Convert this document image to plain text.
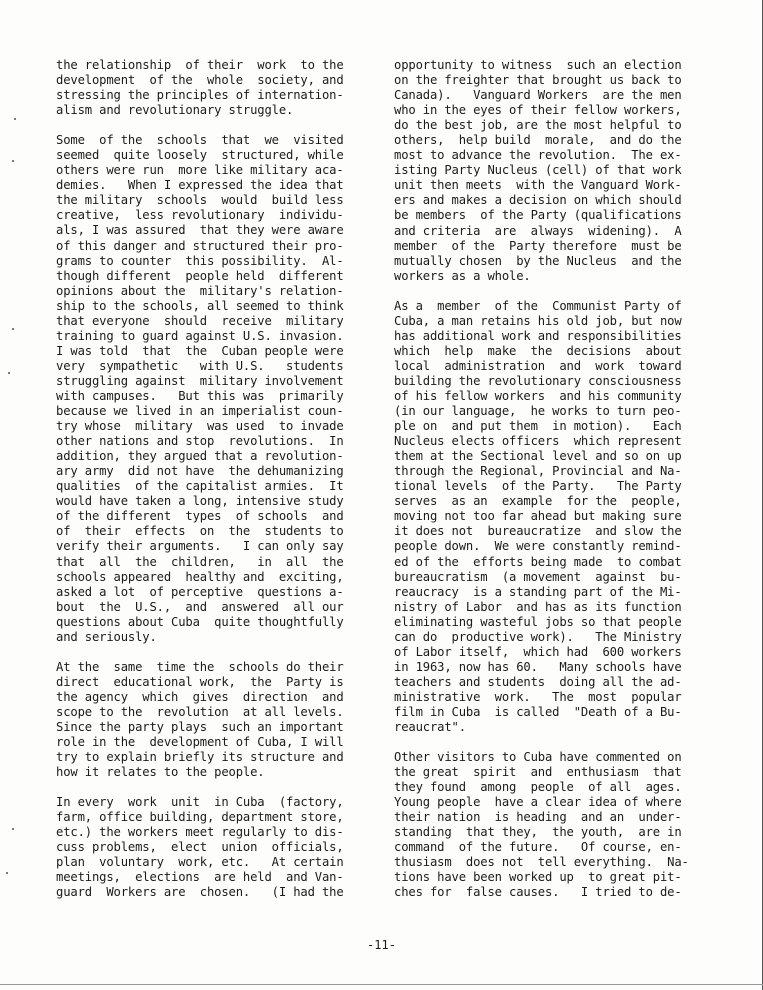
the relationship  of their  work  to the
development  of the  whole  society, and
stressing the principles of internation-
alism and revolutionary struggle.
Some  of the  schools  that  we  visited
seemed  quite loosely  structured, while
others were run  more like military aca-
demies.   When I expressed the idea that
the military  schools  would  build less
creative,  less revolutionary  individu-
als, I was assured  that they were aware
of this danger and structured their pro-
grams to counter  this possibility.  Al-
though different  people held  different
opinions about the  military's relation-
ship to the schools, all seemed to think
that everyone  should  receive  military
training to guard against U.S. invasion.
I was told  that  the  Cuban people were
very  sympathetic   with U.S.   students
struggling against  military involvement
with campuses.   But this was  primarily
because we lived in an imperialist coun-
try whose  military  was used  to invade
other nations and stop  revolutions.  In
addition, they argued that a revolution-
ary army  did not have  the dehumanizing
qualities  of the capitalist armies.  It
would have taken a long, intensive study
of the different  types  of schools  and
of  their  effects  on  the  students to
verify their arguments.   I can only say
that  all  the  children,   in  all  the
schools appeared  healthy and  exciting,
asked a lot  of perceptive  questions a-
bout  the  U.S.,  and  answered  all our
questions about Cuba  quite thoughtfully
and seriously.
At the  same  time the  schools do their
direct  educational work,  the  Party is
the agency  which  gives  direction  and
scope to the  revolution  at all levels.
Since the party plays  such an important
role in the  development of Cuba, I will
try to explain briefly its structure and
how it relates to the people.
In every  work  unit  in Cuba  (factory,
farm, office building, department store,
etc.) the workers meet regularly to dis-
cuss problems,  elect  union  officials,
plan  voluntary  work, etc.   At certain
meetings,  elections  are held  and Van-
guard  Workers are  chosen.   (I had the
opportunity to witness  such an election
on the freighter that brought us back to
Canada).   Vanguard Workers  are the men
who in the eyes of their fellow workers,
do the best job, are the most helpful to
others,  help build  morale,  and do the
most to advance the revolution.  The ex-
isting Party Nucleus (cell) of that work
unit then meets  with the Vanguard Work-
ers and makes a decision on which should
be members  of the Party (qualifications
and criteria  are  always  widening).  A
member  of the  Party therefore  must be
mutually chosen  by the Nucleus  and the
workers as a whole.
As a  member  of the  Communist Party of
Cuba, a man retains his old job, but now
has additional work and responsibilities
which  help  make  the  decisions  about
local  administration  and  work  toward
building the revolutionary consciousness
of his fellow workers  and his community
(in our language,  he works to turn peo-
ple on  and put them  in motion).   Each
Nucleus elects officers  which represent
them at the Sectional level and so on up
through the Regional, Provincial and Na-
tional levels  of the Party.   The Party
serves  as an  example  for the  people,
moving not too far ahead but making sure
it does not  bureaucratize  and slow the
people down.  We were constantly remind-
ed of the  efforts being made  to combat
bureaucratism  (a movement  against  bu-
reaucracy  is a standing part of the Mi-
nistry of Labor  and has as its function
eliminating wasteful jobs so that people
can do  productive work).   The Ministry
of Labor itself,  which had  600 workers
in 1963, now has 60.   Many schools have
teachers and students  doing all the ad-
ministrative  work.   The  most  popular
film in Cuba  is called  "Death of a Bu-
reaucrat".
Other visitors to Cuba have commented on
the great  spirit  and  enthusiasm  that
they found  among  people  of all  ages.
Young people  have a clear idea of where
their nation  is heading  and an  under-
standing  that they,  the youth,  are in
command  of the future.   Of course, en-
thusiasm  does not  tell everything.  Na-
tions have been worked up  to great pit-
ches for  false causes.   I tried to de-
-11-
